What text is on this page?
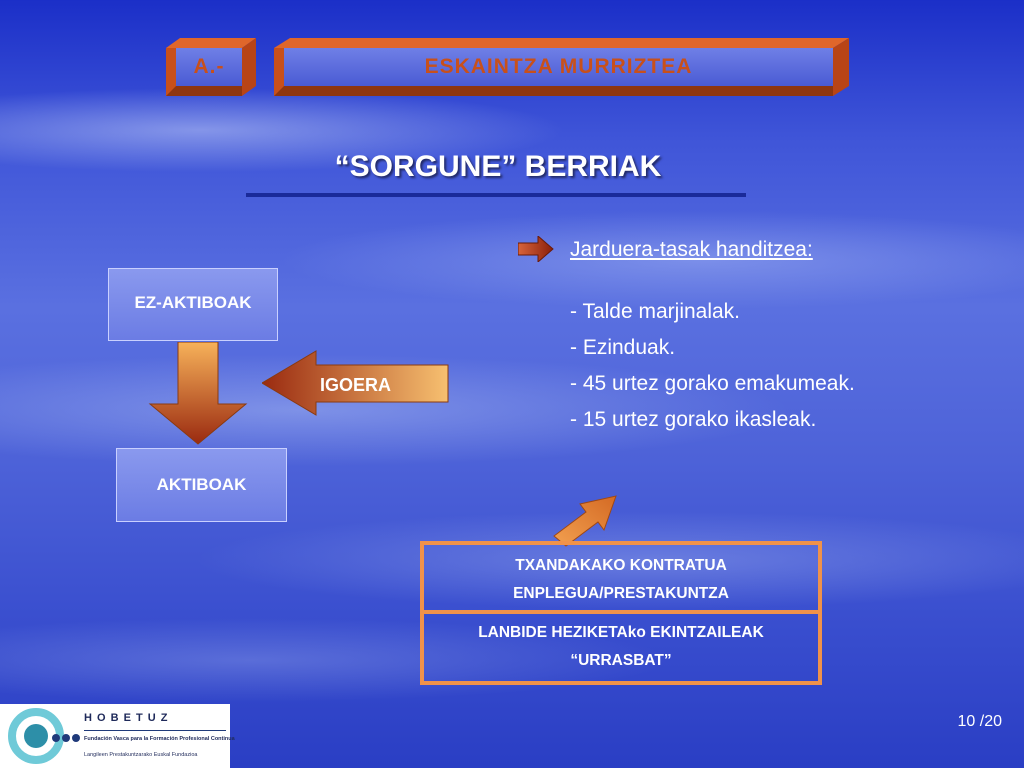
A.-	ESKAINTZA MURRIZTEA
“SORGUNE” BERRIAK
EZ-AKTIBOAK
IGOERA
AKTIBOAK
Jarduera-tasak handitzea:
- Talde marjinalak.
- Ezinduak.
- 45 urtez gorako emakumeak.
- 15 urtez gorako ikasleak.
TXANDAKAKO KONTRATUA
ENPLEGUA/PRESTAKUNTZA
LANBIDE HEZIKETAko EKINTZAILEAK
“URRASBAT”
H O B E T U Z
Fundación Vasca para la Formación Profesional Continua
Langileen Prestakuntzarako Euskal Fundazioa
10 /20
